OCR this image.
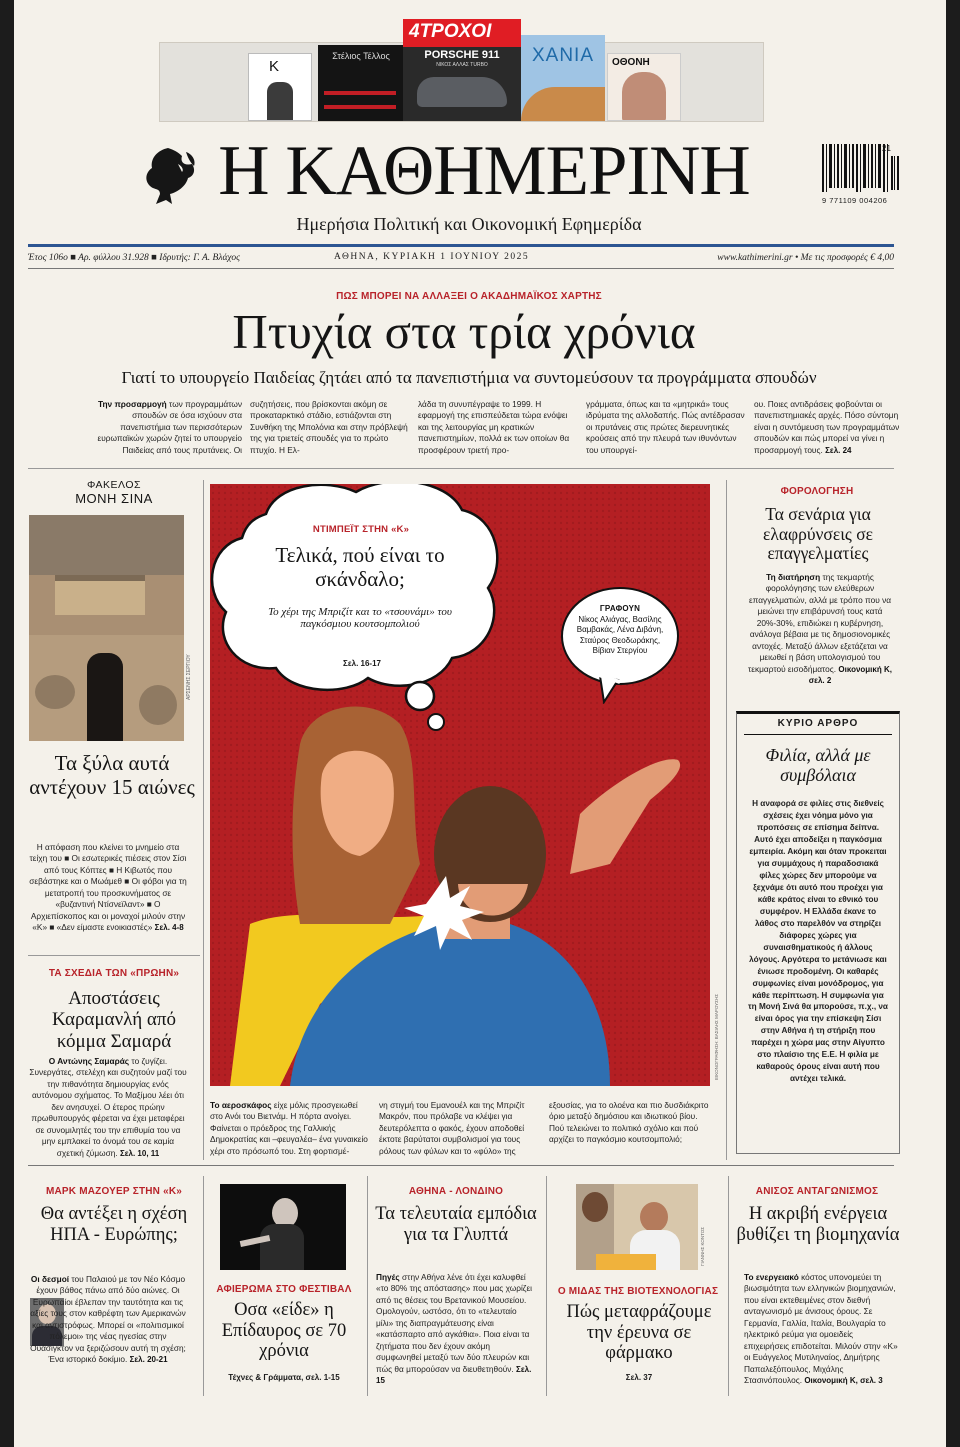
K
Στέλιος Τέλλος
4ΤΡΟΧΟΙ
PORSCHE 911
ΝΙΚΟΣ ΑΛΛΑΣ TURBO	ΧΑΝΙΑ	ΟΘΟΝΗ
Η ΚΑΘΗΜΕΡΙΝΗ
Ημερήσια Πολιτική και Οικονομική Εφημερίδα
21
9 771109 004206
Έτος 106ο ■ Αρ. φύλλου 31.928 ■ Ιδρυτής: Γ. Α. Βλάχος	ΑΘΗΝΑ, ΚΥΡΙΑΚΗ 1 ΙΟΥΝΙΟΥ 2025	www.kathimerini.gr • Με τις προσφορές € 4,00
ΠΩΣ ΜΠΟΡΕΙ ΝΑ ΑΛΛΑΞΕΙ Ο ΑΚΑΔΗΜΑΪΚΟΣ ΧΑΡΤΗΣ
Πτυχία στα τρία χρόνια
Γιατί το υπουργείο Παιδείας ζητάει από τα πανεπιστήμια να συντομεύσουν τα προγράμματα σπουδών
Την προσαρμογή των προγραμμάτων σπουδών σε όσα ισχύουν στα πανεπιστήμια των περισσότερων ευρωπαϊκών χωρών ζητεί το υπουργείο Παιδείας από τους πρυτάνεις. Οι
συζητήσεις, που βρίσκονται ακόμη σε προκαταρκτικό στάδιο, εστιάζονται στη Συνθήκη της Μπολόνια και στην πρόβλεψή της για τριετείς σπουδές για το πρώτο πτυχίο. Η Ελ-
λάδα τη συνυπέγραψε το 1999. Η εφαρμογή της επισπεύδεται τώρα ενόψει και της λειτουργίας μη κρατικών πανεπιστημίων, πολλά εκ των οποίων θα προσφέρουν τριετή προ-
γράμματα, όπως και τα «μητρικά» τους ιδρύματα της αλλοδαπής. Πώς αντέδρασαν οι πρυτάνεις στις πρώτες διερευνητικές κρούσεις από την πλευρά των ιθυνόντων του υπουργεί-
ου. Ποιες αντιδράσεις φοβούνται οι πανεπιστημιακές αρχές. Πόσο σύντομη είναι η συντόμευση των προγραμμάτων σπουδών και πώς μπορεί να γίνει η προσαρμογή τους. Σελ. 24
ΦΑΚΕΛΟΣ
ΜΟΝΗ ΣΙΝΑ
ΑΡΣΕΝΗΣ ΣΕΡΓΙΟΥ
Τα ξύλα αυτά αντέχουν 15 αιώνες
Η απόφαση που κλείνει το μνημείο στα τείχη του ■ Οι εσωτερικές πιέσεις στον Σίσι από τους Κόπτες ■ Η Κιβωτός που σεβάστηκε και ο Μωάμεθ ■ Οι φόβοι για τη μετατροπή του προσκυνήματος σε «βυζαντινή Ντίσνεϊλαντ» ■ Ο Αρχιεπίσκοπος και οι μοναχοί μιλούν στην «Κ» ■ «Δεν είμαστε ενοικιαστές» Σελ. 4-8
ΤΑ ΣΧΕΔΙΑ ΤΩΝ «ΠΡΩΗΝ»
Αποστάσεις Καραμανλή από κόμμα Σαμαρά
Ο Αντώνης Σαμαράς το ζυγίζει. Συνεργάτες, στελέχη και συζητούν μαζί του την πιθανότητα δημιουργίας ενός αυτόνομου σχήματος. Το Μαξίμου λέει ότι δεν ανησυχεί. Ο έτερος πρώην πρωθυπουργός φέρεται να έχει μεταφέρει σε συνομιλητές του την επιθυμία του να μην εμπλακεί το όνομά του σε καμία σχετική ζύμωση. Σελ. 10, 11
ΝΤΙΜΠΕΪΤ ΣΤΗΝ «Κ»
Τελικά, πού είναι το σκάνδαλο;
Το χέρι της Μπριζίτ και το «τσουνάμι» του παγκόσμιου κουτσομπολιού
Σελ. 16-17
ΓΡΑΦΟΥΝ
Νίκος Αλιάγας, Βασίλης Βαμβακάς, Λένα Διβάνη, Σταύρος Θεοδωράκης, Βίβιαν Στεργίου
ΕΙΚΟΝΟΓΡΑΦΗΣΗ: ΒΑΣΙΛΗΣ ΜΑΡΟΥΣΗΣ
Το αεροσκάφος είχε μόλις προσγειωθεί στο Ανόι του Βιετνάμ. Η πόρτα ανοίγει. Φαίνεται ο πρόεδρος της Γαλλικής Δημοκρατίας και –φευγαλέα– ένα γυναικείο χέρι στο πρόσωπό του. Στη φορτισμέ-
νη στιγμή του Εμανουέλ και της Μπριζίτ Μακρόν, που πρόλαβε να κλέψει για δευτερόλεπτα ο φακός, έχουν αποδοθεί έκτοτε βαρύτατοι συμβολισμοί για τους ρόλους των φύλων και το «φύλο» της
εξουσίας, για το ολοένα και πιο δυσδιάκριτο όριο μεταξύ δημόσιου και ιδιωτικού βίου. Πού τελειώνει το πολιτικό σχόλιο και πού αρχίζει το παγκόσμιο κουτσομπολιό;
ΦΟΡΟΛΟΓΗΣΗ
Τα σενάρια για ελαφρύνσεις σε επαγγελματίες
Τη διατήρηση της τεκμαρτής φορολόγησης των ελεύθερων επαγγελματιών, αλλά με τρόπο που να μειώνει την επιβάρυνσή τους κατά 20%-30%, επιδιώκει η κυβέρνηση, ανάλογα βέβαια με τις δημοσιονομικές αντοχές. Μεταξύ άλλων εξετάζεται να μειωθεί η βάση υπολογισμού του τεκμαρτού εισοδήματος. Οικονομική Κ, σελ. 2
ΚΥΡΙΟ ΑΡΘΡΟ
Φιλία, αλλά με συμβόλαια
Η αναφορά σε φιλίες στις διεθνείς σχέσεις έχει νόημα μόνο για προπόσεις σε επίσημα δείπνα. Αυτό έχει αποδείξει η παγκόσμια εμπειρία. Ακόμη και όταν προκειται για συμμάχους ή παραδοσιακά φίλες χώρες δεν μπορούμε να ξεχνάμε ότι αυτό που προέχει για κάθε κράτος είναι το εθνικό του συμφέρον. Η Ελλάδα έκανε το λάθος στο παρελθόν να στηρίζει διάφορες χώρες για συναισθηματικούς ή άλλους λόγους. Αργότερα το μετάνιωσε και ένιωσε προδομένη. Οι καθαρές συμφωνίες είναι μονόδρομος, για κάθε περίπτωση. Η συμφωνία για τη Μονή Σινά θα μπορούσε, π.χ., να είναι όρος για την επίσκεψη Σίσι στην Αθήνα ή τη στήριξη που παρέχει η χώρα μας στην Αίγυπτο στο πλαίσιο της Ε.Ε. Η φιλία με καθαρούς όρους είναι αυτή που αντέχει τελικά.
ΜΑΡΚ ΜΑΖΟΥΕΡ ΣΤΗΝ «Κ»
Θα αντέξει η σχέση ΗΠΑ - Ευρώπης;
Οι δεσμοί του Παλαιού με τον Νέο Κόσμο έχουν βάθος πάνω από δύο αιώνες. Οι Ευρωπαίοι έβλεπαν την ταυτότητα και τις αξίες τους στον καθρέφτη των Αμερικανών και αντιστρόφως. Μπορεί οι «πολιτισμικοί πόλεμοι» της νέας ηγεσίας στην Ουάσιγκτον να ξεριζώσουν αυτή τη σχέση; Ένα ιστορικό δοκίμιο. Σελ. 20-21
ΑΦΙΕΡΩΜΑ ΣΤΟ ΦΕΣΤΙΒΑΛ
Οσα «είδε» η Επίδαυρος σε 70 χρόνια
Τέχνες & Γράμματα, σελ. 1-15
ΑΘΗΝΑ - ΛΟΝΔΙΝΟ
Τα τελευταία εμπόδια για τα Γλυπτά
Πηγές στην Αθήνα λένε ότι έχει καλυφθεί «το 80% της απόστασης» που μας χωρίζει από τις θέσεις του Βρετανικού Μουσείου. Ομολογούν, ωστόσο, ότι το «τελευταίο μίλι» της διαπραγμάτευσης είναι «κατάσπαρτο από αγκάθια». Ποια είναι τα ζητήματα που δεν έχουν ακόμη συμφωνηθεί μεταξύ των δύο πλευρών και πώς θα μπορούσαν να διευθετηθούν. Σελ. 15
ΓΙΑΝΝΗΣ ΚΟΝΤΟΣ
Ο ΜΙΔΑΣ ΤΗΣ ΒΙΟΤΕΧΝΟΛΟΓΙΑΣ
Πώς μεταφράζουμε την έρευνα σε φάρμακο
Σελ. 37
ΑΝΙΣΟΣ ΑΝΤΑΓΩΝΙΣΜΟΣ
Η ακριβή ενέργεια βυθίζει τη βιομηχανία
Το ενεργειακό κόστος υπονομεύει τη βιωσιμότητα των ελληνικών βιομηχανιών, που είναι εκτεθειμένες στον διεθνή ανταγωνισμό με άνισους όρους. Σε Γερμανία, Γαλλία, Ιταλία, Βουλγαρία το ηλεκτρικό ρεύμα για ομοειδείς επιχειρήσεις επιδοτείται. Μιλούν στην «Κ» οι Ευάγγελος Μυτιληναίος, Δημήτρης Παπαλεξόπουλος, Μιχάλης Στασινόπουλος. Οικονομική Κ, σελ. 3
